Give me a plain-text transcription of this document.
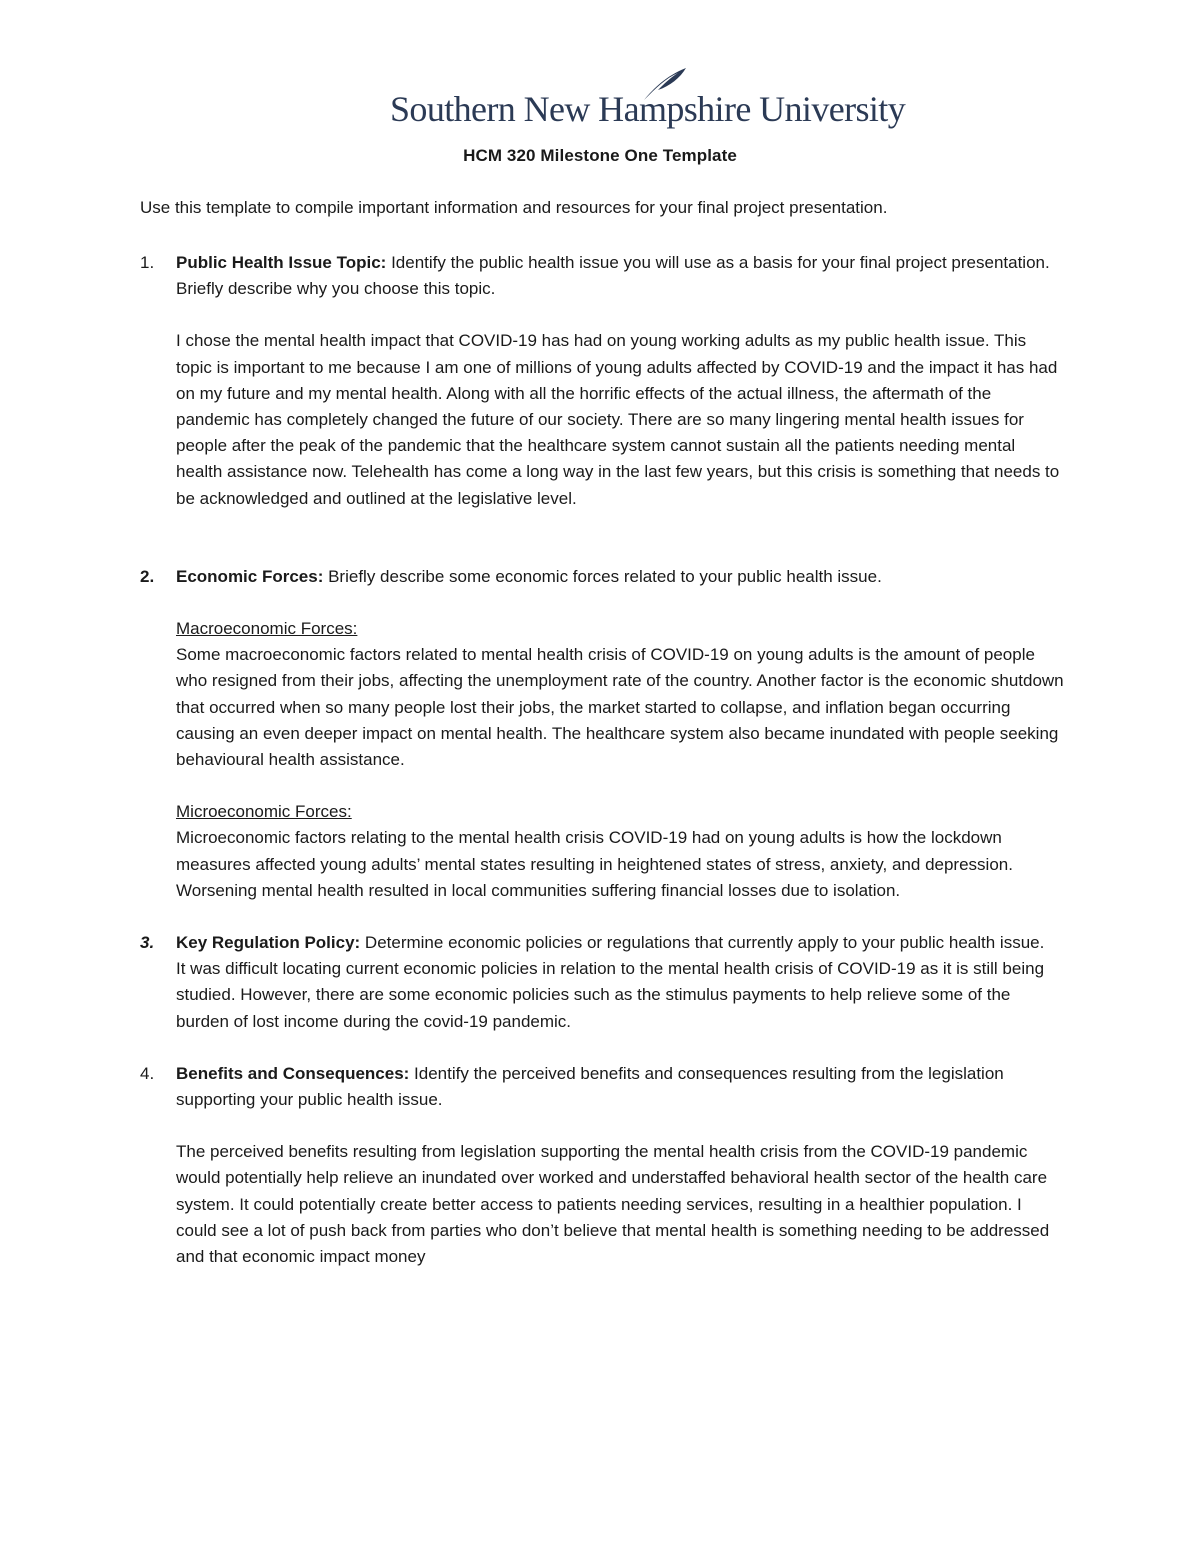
Southern New Hampshire University
HCM 320 Milestone One Template
Use this template to compile important information and resources for your final project presentation.
1. Public Health Issue Topic: Identify the public health issue you will use as a basis for your final project presentation. Briefly describe why you choose this topic.

I chose the mental health impact that COVID-19 has had on young working adults as my public health issue. This topic is important to me because I am one of millions of young adults affected by COVID-19 and the impact it has had on my future and my mental health. Along with all the horrific effects of the actual illness, the aftermath of the pandemic has completely changed the future of our society. There are so many lingering mental health issues for people after the peak of the pandemic that the healthcare system cannot sustain all the patients needing mental health assistance now. Telehealth has come a long way in the last few years, but this crisis is something that needs to be acknowledged and outlined at the legislative level.

2. Economic Forces: Briefly describe some economic forces related to your public health issue.

Macroeconomic Forces:

Some macroeconomic factors related to mental health crisis of COVID-19 on young adults is the amount of people who resigned from their jobs, affecting the unemployment rate of the country. Another factor is the economic shutdown that occurred when so many people lost their jobs, the market started to collapse, and inflation began occurring causing an even deeper impact on mental health. The healthcare system also became inundated with people seeking behavioural health assistance.

Microeconomic Forces:

Microeconomic factors relating to the mental health crisis COVID-19 had on young adults is how the lockdown measures affected young adults’ mental states resulting in heightened states of stress, anxiety, and depression. Worsening mental health resulted in local communities suffering financial losses due to isolation.

3. Key Regulation Policy: Determine economic policies or regulations that currently apply to your public health issue.

It was difficult locating current economic policies in relation to the mental health crisis of COVID-19 as it is still being studied. However, there are some economic policies such as the stimulus payments to help relieve some of the burden of lost income during the covid-19 pandemic.

4. Benefits and Consequences: Identify the perceived benefits and consequences resulting from the legislation supporting your public health issue.

The perceived benefits resulting from legislation supporting the mental health crisis from the COVID-19 pandemic would potentially help relieve an inundated over worked and understaffed behavioral health sector of the health care system. It could potentially create better access to patients needing services, resulting in a healthier population. I could see a lot of push back from parties who don’t believe that mental health is something needing to be addressed and that economic impact money
